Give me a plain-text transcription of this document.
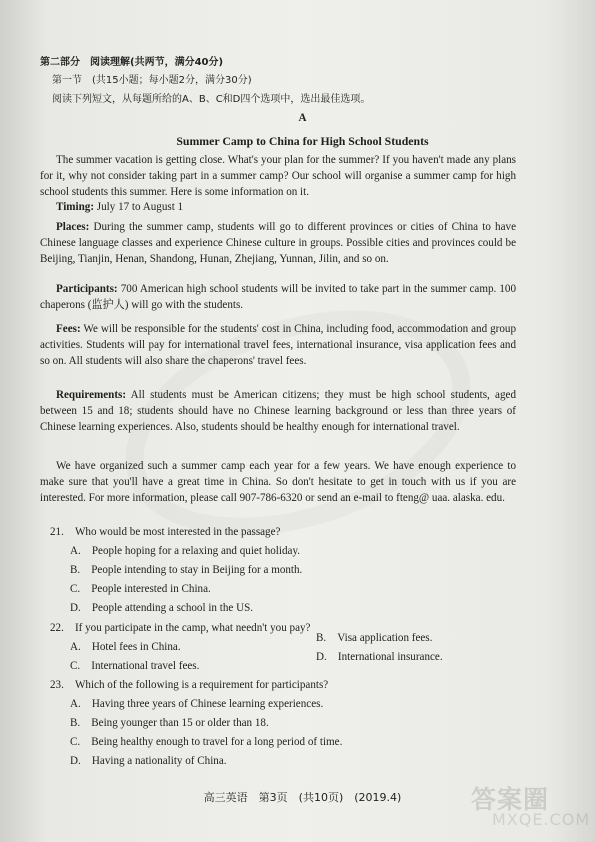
第二部分　阅读理解(共两节，满分40分)
第一节　(共15小题；每小题2分，满分30分)
阅读下列短文，从每题所给的A、B、C和D四个选项中，选出最佳选项。
A
Summer Camp to China for High School Students
The summer vacation is getting close. What's your plan for the summer? If you haven't made any plans for it, why not consider taking part in a summer camp? Our school will organise a summer camp for high school students this summer. Here is some information on it.
Timing: July 17 to August 1
Places: During the summer camp, students will go to different provinces or cities of China to have Chinese language classes and experience Chinese culture in groups. Possible cities and provinces could be Beijing, Tianjin, Henan, Shandong, Hunan, Zhejiang, Yunnan, Jilin, and so on.
Participants: 700 American high school students will be invited to take part in the summer camp. 100 chaperons (监护人) will go with the students.
Fees: We will be responsible for the students' cost in China, including food, accommodation and group activities. Students will pay for international travel fees, international insurance, visa application fees and so on. All students will also share the chaperons' travel fees.
Requirements: All students must be American citizens; they must be high school students, aged between 15 and 18; students should have no Chinese learning background or less than three years of Chinese learning experiences. Also, students should be healthy enough for international travel.
We have organized such a summer camp each year for a few years. We have enough experience to make sure that you'll have a great time in China. So don't hesitate to get in touch with us if you are interested. For more information, please call 907-786-6320 or send an e-mail to fteng@ uaa. alaska. edu.
21.　Who would be most interested in the passage?
A.　People hoping for a relaxing and quiet holiday.
B.　People intending to stay in Beijing for a month.
C.　People interested in China.
D.　People attending a school in the US.
22.　If you participate in the camp, what needn't you pay?
A.　Hotel fees in China.
B.　Visa application fees.
C.　International travel fees.
D.　International insurance.
23.　Which of the following is a requirement for participants?
A.　Having three years of Chinese learning experiences.
B.　Being younger than 15 or older than 18.
C.　Being healthy enough to travel for a long period of time.
D.　Having a nationality of China.
高三英语　第3页　(共10页)　(2019.4)	答案圈
MXQE.COM
